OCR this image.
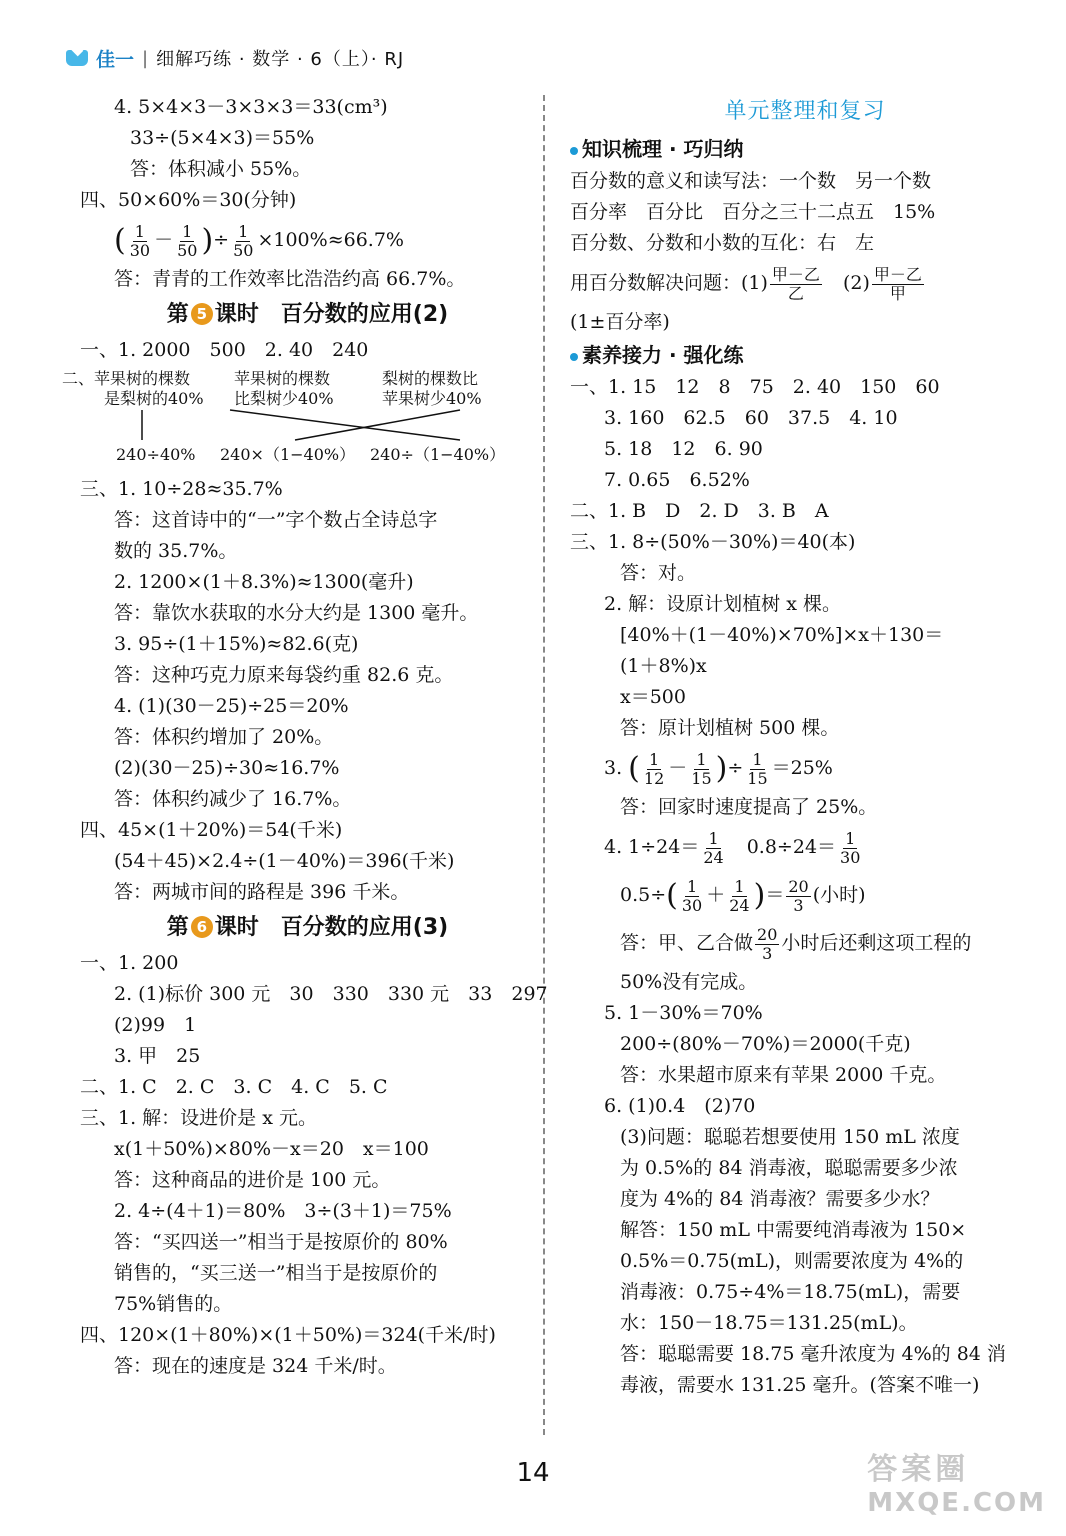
佳一 | 细解巧练 · 数学 · 6（上）· RJ
4. 5×4×3－3×3×3＝33(cm³)
33÷(5×4×3)＝55%
答：体积减小 55%。
四、50×60%＝30(分钟)
( $\frac{1}{30} - \frac{1}{50}$ )÷ $\frac{1}{50} \times 100\%\approx 66.7\%$
答：青青的工作效率比浩浩约高 66.7%。
第 5 课时　百分数的应用(2)
一、1. 2000　500　2. 40　240
二、苹果树的棵数	苹果树的棵数	梨树的棵数比
是梨树的40% 比梨树少40%	苹果树少40%
240÷40% 240×（1−40%） 240÷（1−40%）
三、1. 10÷28≈35.7%
答：这首诗中的“一”字个数占全诗总字
数的 35.7%。
2. 1200×(1＋8.3%)≈1300(毫升)
答：靠饮水获取的水分大约是 1300 毫升。
3. 95÷(1＋15%)≈82.6(克)
答：这种巧克力原来每袋约重 82.6 克。
4. (1)(30－25)÷25＝20%
答：体积约增加了 20%。
(2)(30－25)÷30≈16.7%
答：体积约减少了 16.7%。
四、45×(1＋20%)＝54(千米)
(54＋45)×2.4÷(1－40%)＝396(千米)
答：两城市间的路程是 396 千米。
第 6 课时　百分数的应用(3)
一、1. 200
2. (1)标价 300 元　30　330　330 元　33　297
(2)99　1
3. 甲　25
二、1. C　2. C　3. C　4. C　5. C
三、1. 解：设进价是 x 元。
x(1＋50%)×80%－x＝20　x＝100
答：这种商品的进价是 100 元。
2. 4÷(4＋1)＝80%　3÷(3＋1)＝75%
答：“买四送一”相当于是按原价的 80%
销售的，“买三送一”相当于是按原价的
75%销售的。
四、120×(1＋80%)×(1＋50%)＝324(千米/时)
答：现在的速度是 324 千米/时。
单元整理和复习
知识梳理 · 巧归纳
百分数的意义和读写法：一个数　另一个数
百分率　百分比　百分之三十二点五　15%
百分数、分数和小数的互化：右　左
用百分数解决问题：$(1) \frac{\text{甲－乙}}{\text{乙}}$ 　$(2) \frac{\text{甲－乙}}{\text{甲}}$
(1±百分率)
素养接力 · 强化练
一、1. 15　12　8　75　2. 40　150　60
3. 160　62.5　60　37.5　4. 10
5. 18　12　6. 90
7. 0.65　6.52%
二、1. B　D　2. D　3. B　A
三、1. 8÷(50%－30%)＝40(本)
答：对。
2. 解：设原计划植树 x 棵。
[40%＋(1－40%)×70%]×x＋130＝
(1＋8%)x
x＝500
答：原计划植树 500 棵。
3. ( $\frac{1}{12} - \frac{1}{15}$ )÷ $\frac{1}{15} =25\%$
答：回家时速度提高了 25%。
4. $1\div 24= \frac{1}{24}$ 　$0.8\div 24= \frac{1}{30}$
$0.5\div( \frac{1}{30} + \frac{1}{24}$ )＝ $\frac{20}{3}$ (小时)
答：甲、乙合做 $\frac{20}{3}$ 小时后还剩这项工程的
50%没有完成。
5. 1－30%＝70%
200÷(80%－70%)＝2000(千克)
答：水果超市原来有苹果 2000 千克。
6. (1)0.4　(2)70
(3)问题：聪聪若想要使用 150 mL 浓度
为 0.5%的 84 消毒液，聪聪需要多少浓
度为 4%的 84 消毒液？需要多少水？
解答：150 mL 中需要纯消毒液为 150×
0.5%＝0.75(mL)，则需要浓度为 4%的
消毒液：0.75÷4%＝18.75(mL)，需要
水：150－18.75＝131.25(mL)。
答：聪聪需要 18.75 毫升浓度为 4%的 84 消
毒液，需要水 131.25 毫升。(答案不唯一)
14	答案圈
MXQE.COM
